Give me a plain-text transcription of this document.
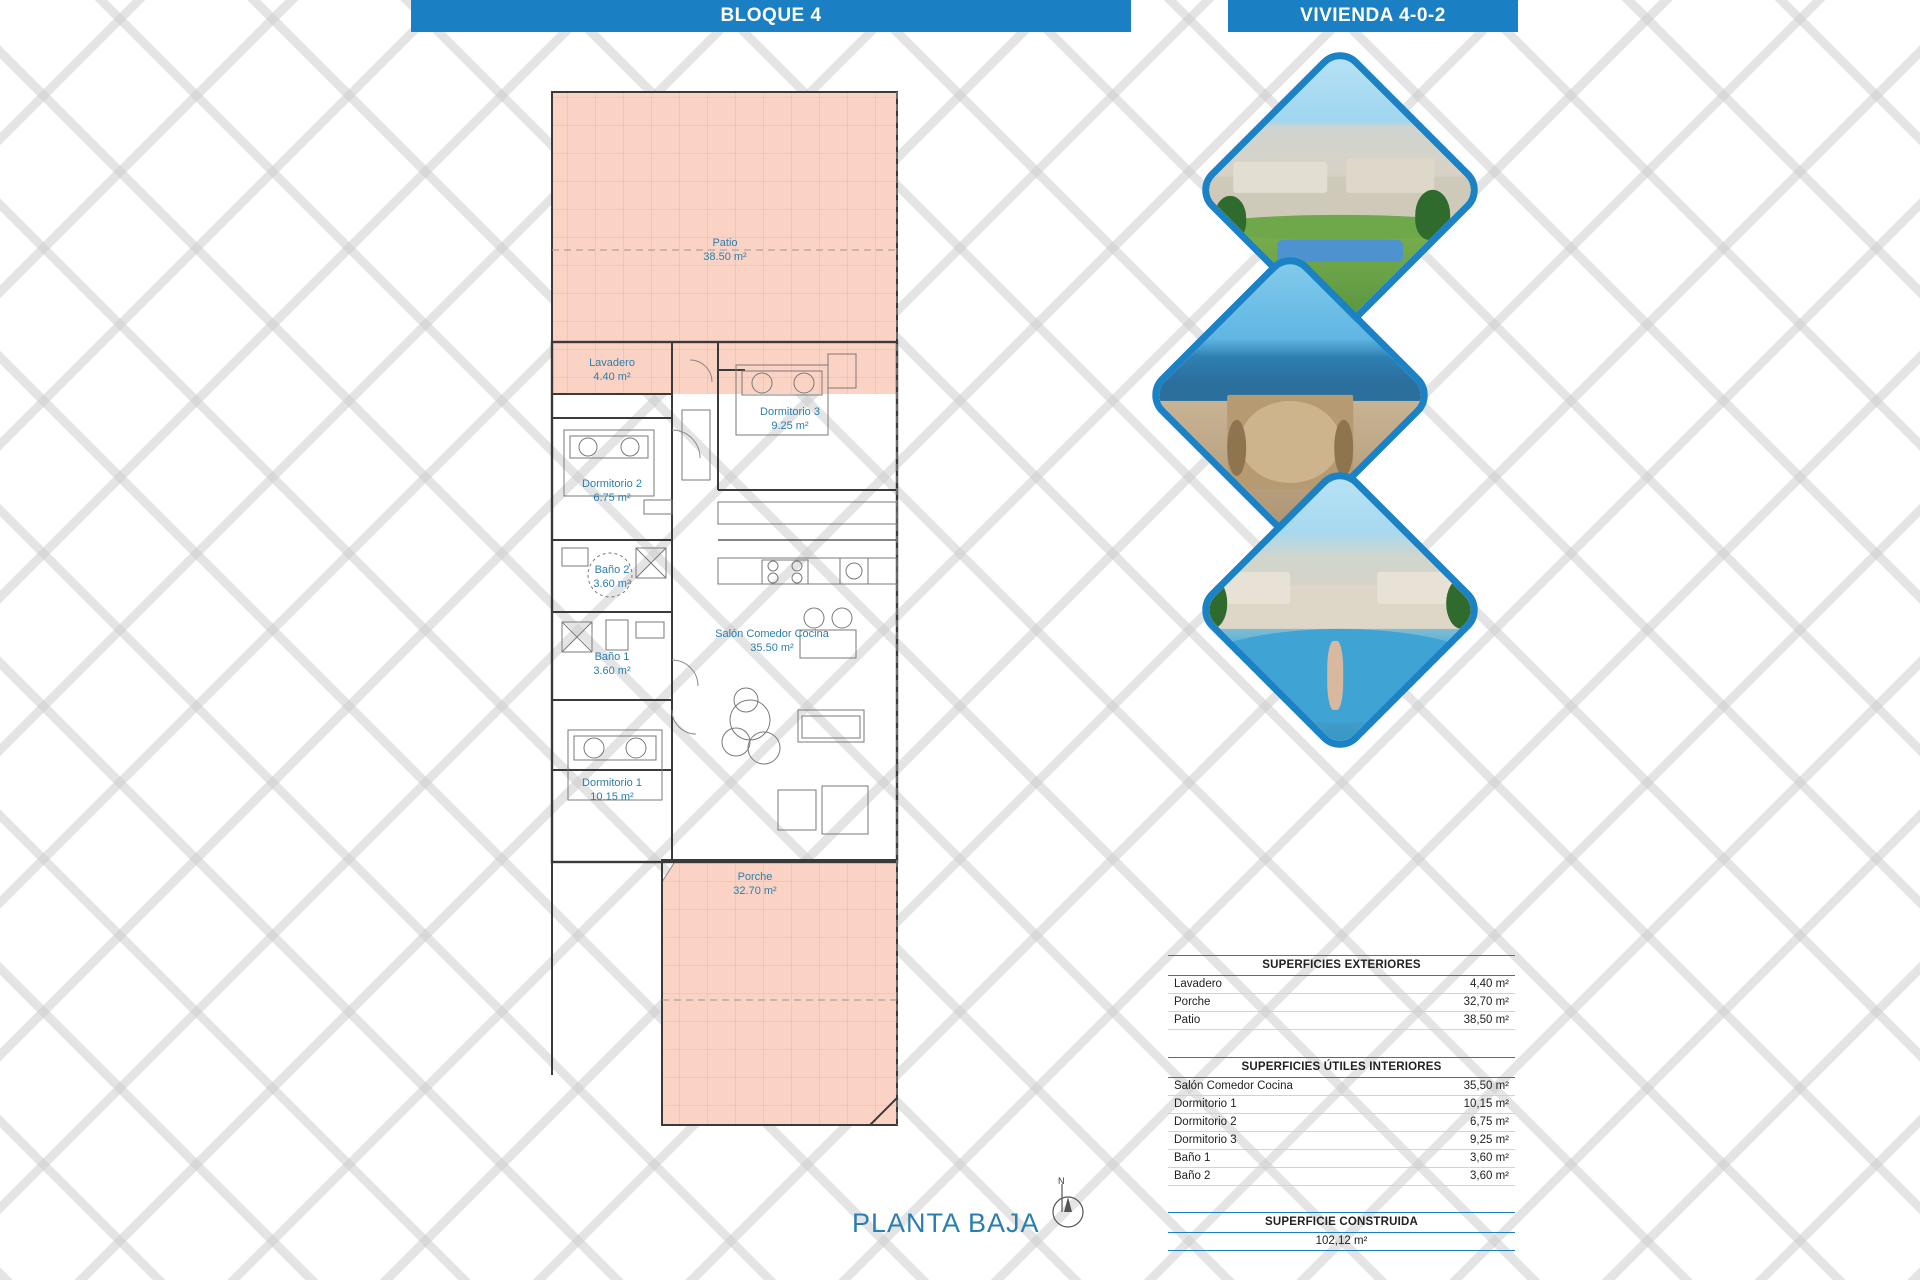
BLOQUE 4	VIVIENDA 4-0-2
Patio
38.50 m²
Lavadero
4.40 m²
Dormitorio 3
9.25 m²
Dormitorio 2
6.75 m²
Baño 2
3.60 m²
Baño 1
3.60 m²
Salón Comedor Cocina
35.50 m²
Dormitorio 1
10.15 m²
Porche
32.70 m²
SUPERFICIES EXTERIORES
Lavadero	4,40 m²
Porche	32,70 m²
Patio	38,50 m²
SUPERFICIES ÚTILES INTERIORES
Salón Comedor Cocina	35,50 m²
Dormitorio 1	10,15 m²
Dormitorio 2	6,75 m²
Dormitorio 3	9,25 m²
Baño 1	3,60 m²
Baño 2	3,60 m²
SUPERFICIE CONSTRUIDA
102,12 m²
PLANTA BAJA
N
